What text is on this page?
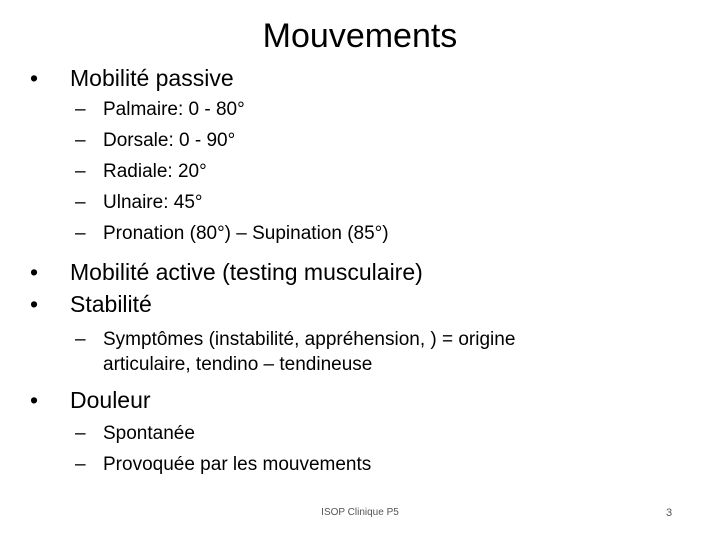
Mouvements
• Mobilité passive
– Palmaire: 0 - 80°
– Dorsale: 0 - 90°
– Radiale: 20°
– Ulnaire: 45°
– Pronation (80°) – Supination (85°)
• Mobilité active (testing musculaire)
• Stabilité
– Symptômes (instabilité, appréhension, ) = origine
articulaire, tendino – tendineuse
• Douleur
– Spontanée
– Provoquée par les mouvements
ISOP Clinique P5	3
